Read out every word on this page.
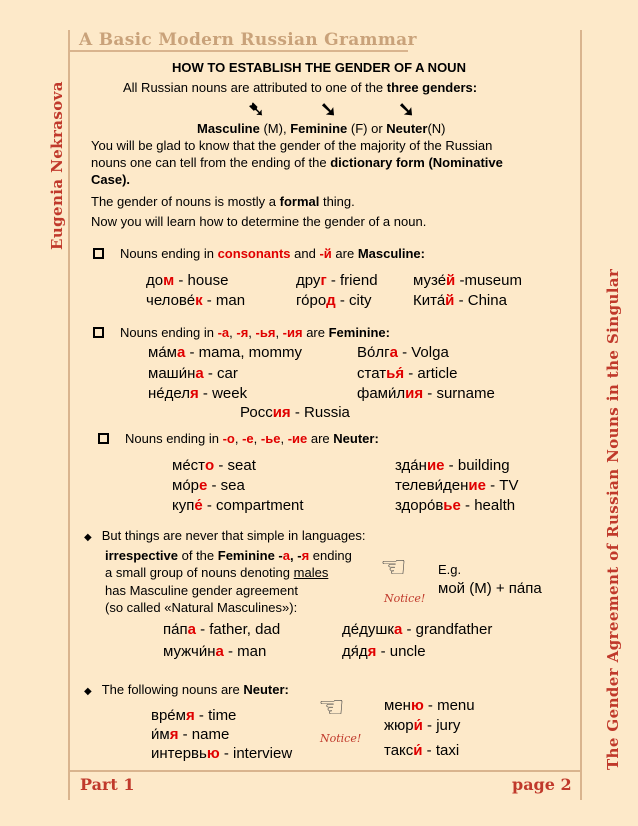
A Basic Modern Russian Grammar
Eugenia Nekrasova
The Gender Agreement of Russian Nouns in the Singular
HOW TO ESTABLISH THE GENDER OF A NOUN
All Russian nouns are attributed to one of the three genders:
➷	➘	➘
Masculine (M), Feminine (F) or Neuter(N)
You will be glad to know that the gender of the majority of the Russian
nouns one can tell from the ending of the dictionary form (Nominative
Case).
The gender of nouns is mostly a formal thing.
Now you will learn how to determine the gender of a noun.
Nouns ending in consonants and -й are Masculine:
дом - house	друг - friend музе́й -museum
челове́к - man	го́род - city	Кита́й - China
Nouns ending in -а, -я, -ья, -ия are Feminine:
ма́ма - mama, mommy	Во́лга - Volga
маши́на - car	статья́ - article
не́деля - week	фами́лия - surname
Россия - Russia
Nouns ending in -о, -е, -ье, -ие are Neuter:
ме́сто - seat	зда́ние - building
мо́ре - sea	телеви́дение - TV
купе́ - compartment	здоро́вье - health
◆ But things are never that simple in languages:
irrespective of the Feminine -а, -я ending
a small group of nouns denoting males
has Masculine gender agreement
(so called «Natural Masculines»):
☜
Notice!
E.g.
мой (М) + па́па
па́па - father, dad	де́душка - grandfather
мужчи́на - man	дя́дя - uncle
◆ The following nouns are Neuter:
вре́мя - time
и́мя - name
интервью - interview
☜
Notice!
меню - menu
жюри́ - jury
такси́ - taxi
Part 1	page 2
